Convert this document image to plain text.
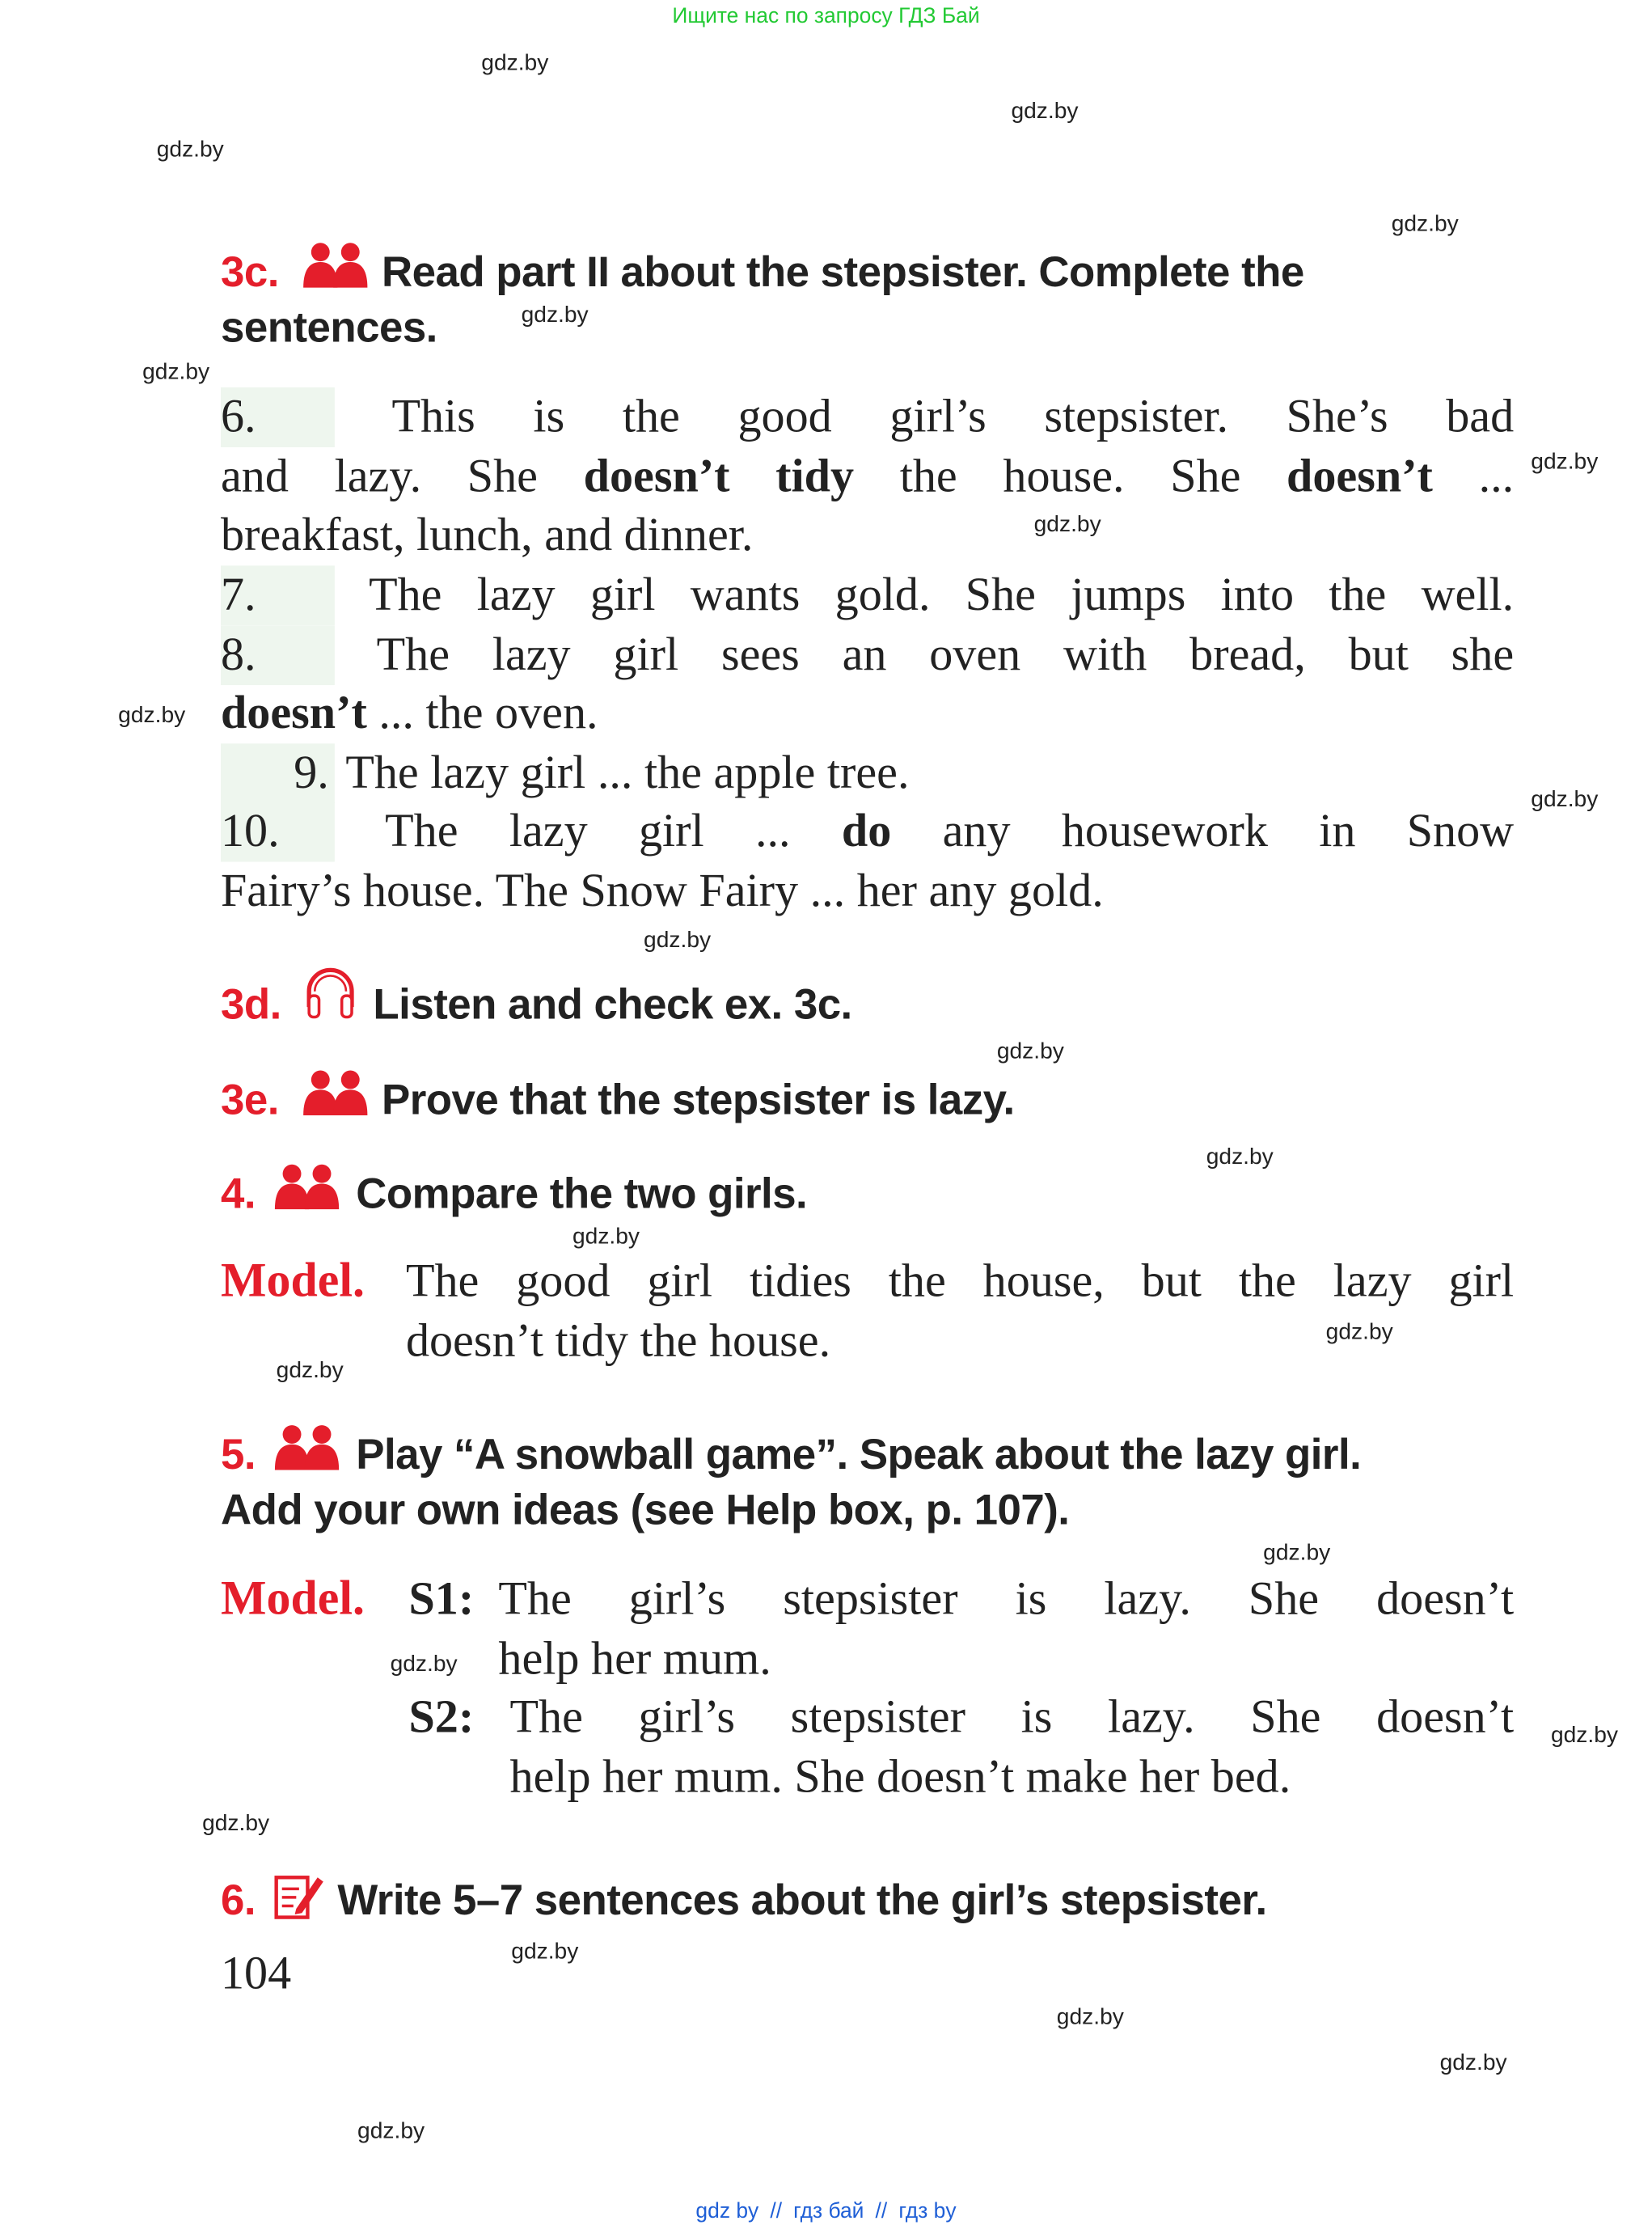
Ищите нас по запросу ГДЗ Бай
gdz.by
gdz.by
gdz.by
gdz.by
gdz.by
gdz.by
gdz.by
gdz.by
gdz.by
gdz.by
gdz.by
gdz.by
gdz.by
gdz.by
gdz.by
gdz.by
gdz.by
gdz.by
gdz.by
gdz.by
gdz.by
gdz.by
gdz.by
gdz.by
3c.	Read part II about the stepsister. Complete the
sentences.
6.	This is the good girl’s stepsister. She’s bad
and lazy. She doesn’t tidy the house. She doesn’t ...
breakfast, lunch, and dinner.
7.	The lazy girl wants gold. She jumps into the well.
8.	The lazy girl sees an oven with bread, but she
doesn’t ... the oven.
9. The lazy girl ... the apple tree.
10.	The lazy girl ... do any housework in Snow
Fairy’s house. The Snow Fairy ... her any gold.
3d.	Listen and check ex. 3c.
3e.	Prove that the stepsister is lazy.
4.	Compare the two girls.
Model. The good girl tidies the house, but the lazy girl
doesn’t tidy the house.
5.	Play “A snowball game”. Speak about the lazy girl.
Add your own ideas (see Help box, p. 107).
Model. S1: The girl’s stepsister is lazy. She doesn’t
help her mum.
S2: The girl’s stepsister is lazy. She doesn’t
help her mum. She doesn’t make her bed.
6.	Write 5–7 sentences about the girl’s stepsister.
104
gdz by // гдз бай // гдз by
